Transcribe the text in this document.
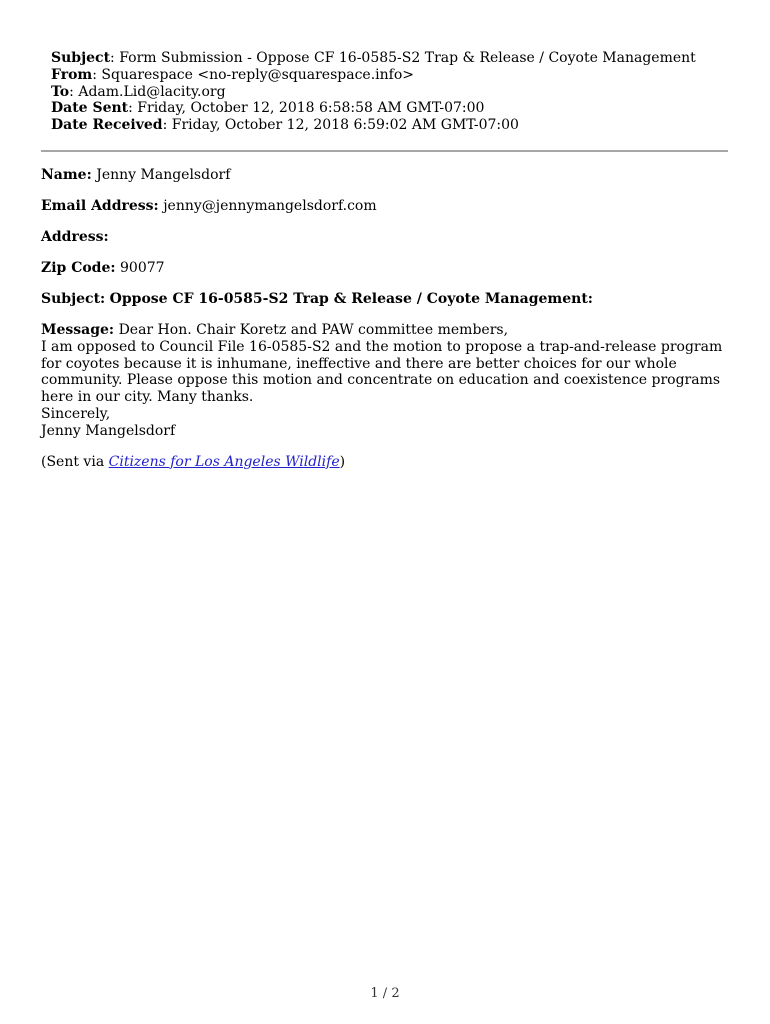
Subject: Form Submission - Oppose CF 16-0585-S2 Trap & Release / Coyote Management
From: Squarespace <no-reply@squarespace.info>
To: Adam.Lid@lacity.org
Date Sent: Friday, October 12, 2018 6:58:58 AM GMT-07:00
Date Received: Friday, October 12, 2018 6:59:02 AM GMT-07:00
Name: Jenny Mangelsdorf
Email Address: jenny@jennymangelsdorf.com
Address:
Zip Code: 90077
Subject: Oppose CF 16-0585-S2 Trap & Release / Coyote Management:
Message: Dear Hon. Chair Koretz and PAW committee members,
I am opposed to Council File 16-0585-S2 and the motion to propose a trap-and-release program
for coyotes because it is inhumane, ineffective and there are better choices for our whole
community. Please oppose this motion and concentrate on education and coexistence programs
here in our city. Many thanks.
Sincerely,
Jenny Mangelsdorf
(Sent via Citizens for Los Angeles Wildlife)
1 / 2
